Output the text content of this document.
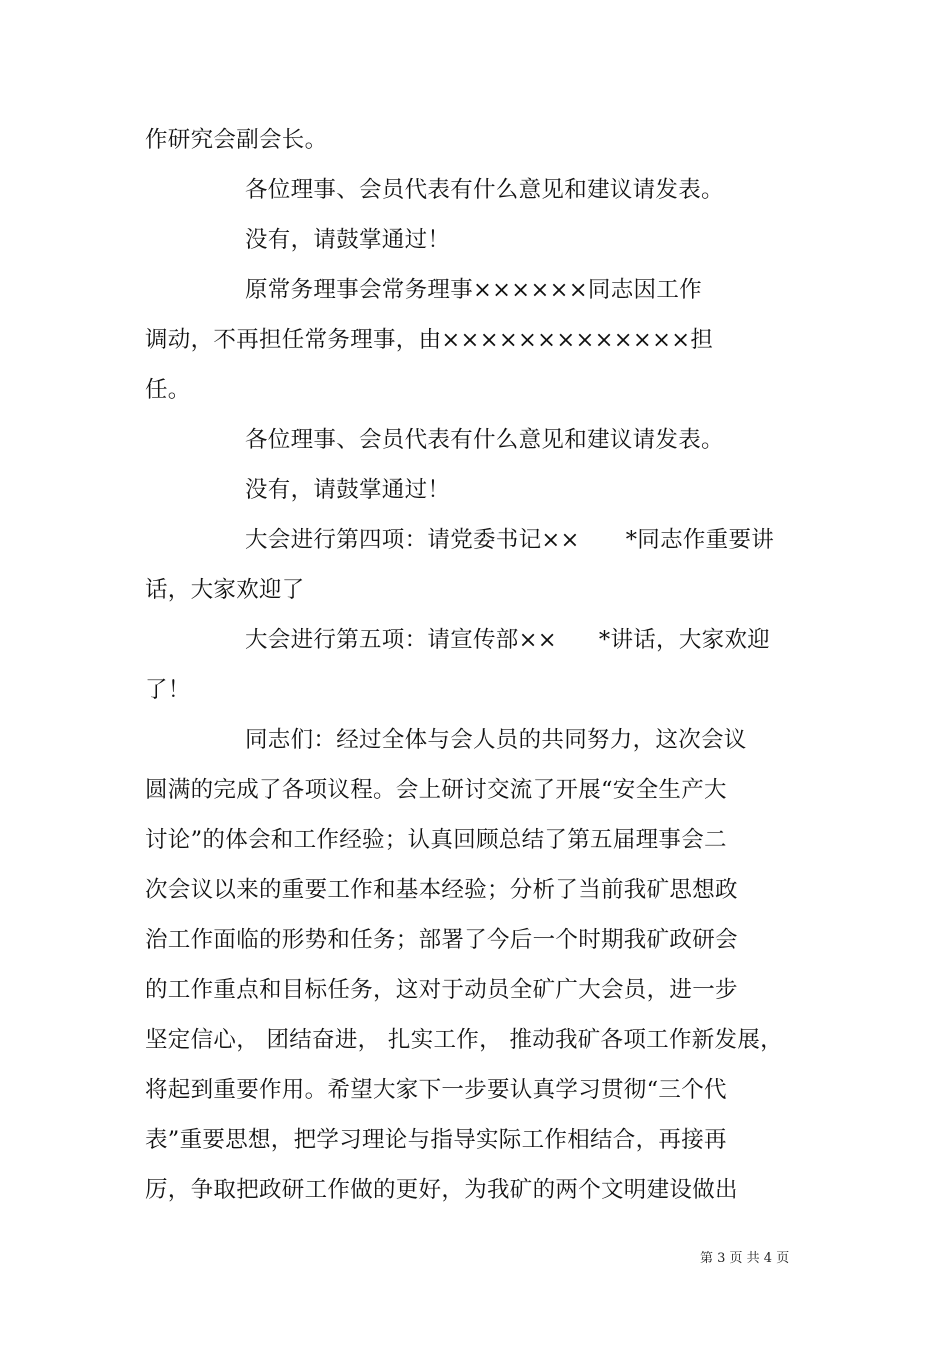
作研究会副会长。
各位理事、会员代表有什么意见和建议请发表。
没有，请鼓掌通过！
原常务理事会常务理事××××××同志因工作
调动，不再担任常务理事，由×××××××××××××担
任。
各位理事、会员代表有什么意见和建议请发表。
没有，请鼓掌通过！
大会进行第四项：请党委书记×× *同志作重要讲
话，大家欢迎了
大会进行第五项：请宣传部×× *讲话，大家欢迎
了！
同志们：经过全体与会人员的共同努力，这次会议
圆满的完成了各项议程。会上研讨交流了开展“安全生产大
讨论”的体会和工作经验；认真回顾总结了第五届理事会二
次会议以来的重要工作和基本经验；分析了当前我矿思想政
治工作面临的形势和任务；部署了今后一个时期我矿政研会
的工作重点和目标任务，这对于动员全矿广大会员，进一步
坚定信心， 团结奋进， 扎实工作， 推动我矿各项工作新发展，
将起到重要作用。希望大家下一步要认真学习贯彻“三个代
表”重要思想，把学习理论与指导实际工作相结合，再接再
厉，争取把政研工作做的更好，为我矿的两个文明建设做出
第 3 页 共 4 页
